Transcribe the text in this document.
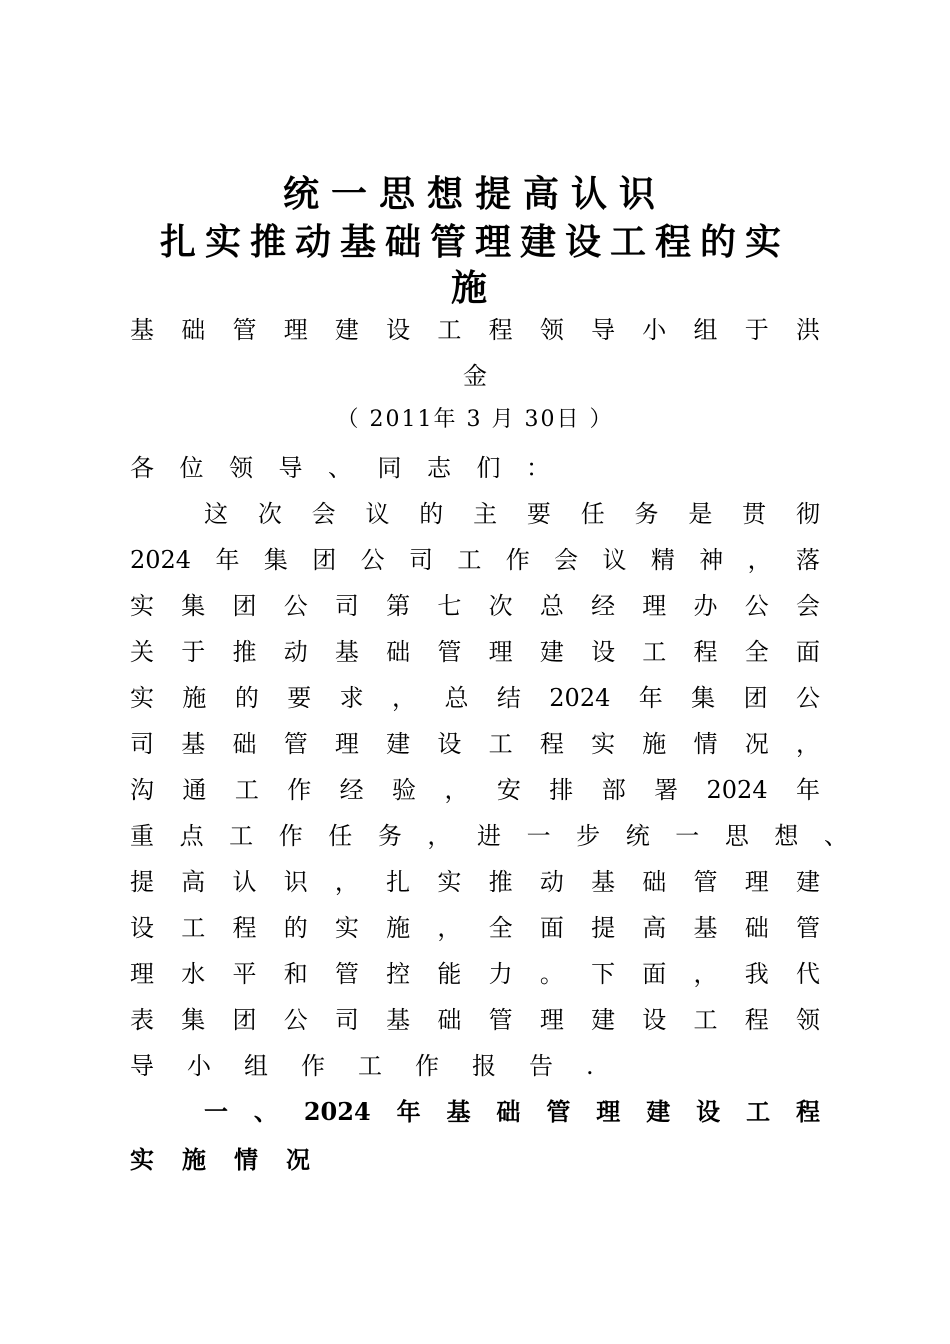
统一思想提高认识
扎实推动基础管理建设工程的实
施
基础管理建设工程领导小组于洪
金
（ 2011年 3 月 30日 ）
各位领导、同志们：
这次会议的主要任务是贯彻
2024年集团公司工作会议精神，落
实集团公司第七次总经理办公会
关于推动基础管理建设工程全面
实施的要求，总结2024年集团公
司基础管理建设工程实施情况，
沟通工作经验，安排部署2024年
重点工作任务，进一步统一思想、
提高认识，扎实推动基础管理建
设工程的实施，全面提高基础管
理水平和管控能力。下面，我代
表集团公司基础管理建设工程领
导小组作工作报告.
一、2024年基础管理建设工程
实施情况
